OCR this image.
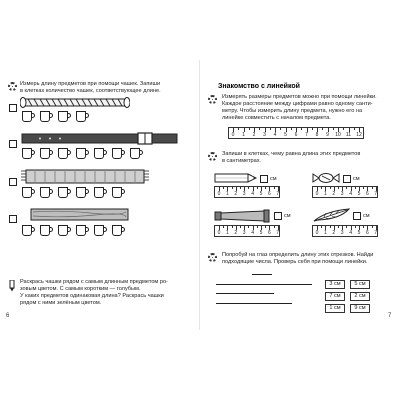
Измерь длину предметов при помощи чашек. Запиши
в клетках количество чашек, соответствующее длине.
Раскрась чашки рядом с самым длинным предметом ро-
зовым цветом. С самым коротким — голубым.
У каких предметов одинаковая длина? Раскрась чашки
рядом с ними зелёным цветом.
6
Знакомство с линейкой
Измерять размеры предметов можно при помощи линейки.
Каждое расстояние между цифрами равно одному санти-
метру. Чтобы измерить длину предмета, нужно его на
линейке совместить с началом предмета.
0	1	2	3	4	5	6	7	8	9	10 11 12
Запиши в клетках, чему равна длина этих предметов
в сантиметрах.
см	см
0	1	2	3	4	5	6	7	0	1	2	3	4	5	6	7
см	см
0	1	2	3	4	5	6	7	0	1	2	3	4	5	6	7
Попробуй на глаз определить длину этих отрезков. Найди
подходящие числа. Проверь себя при помощи линейки.
3 см	5 см
7 см	2 см
1 см	9 см
7
